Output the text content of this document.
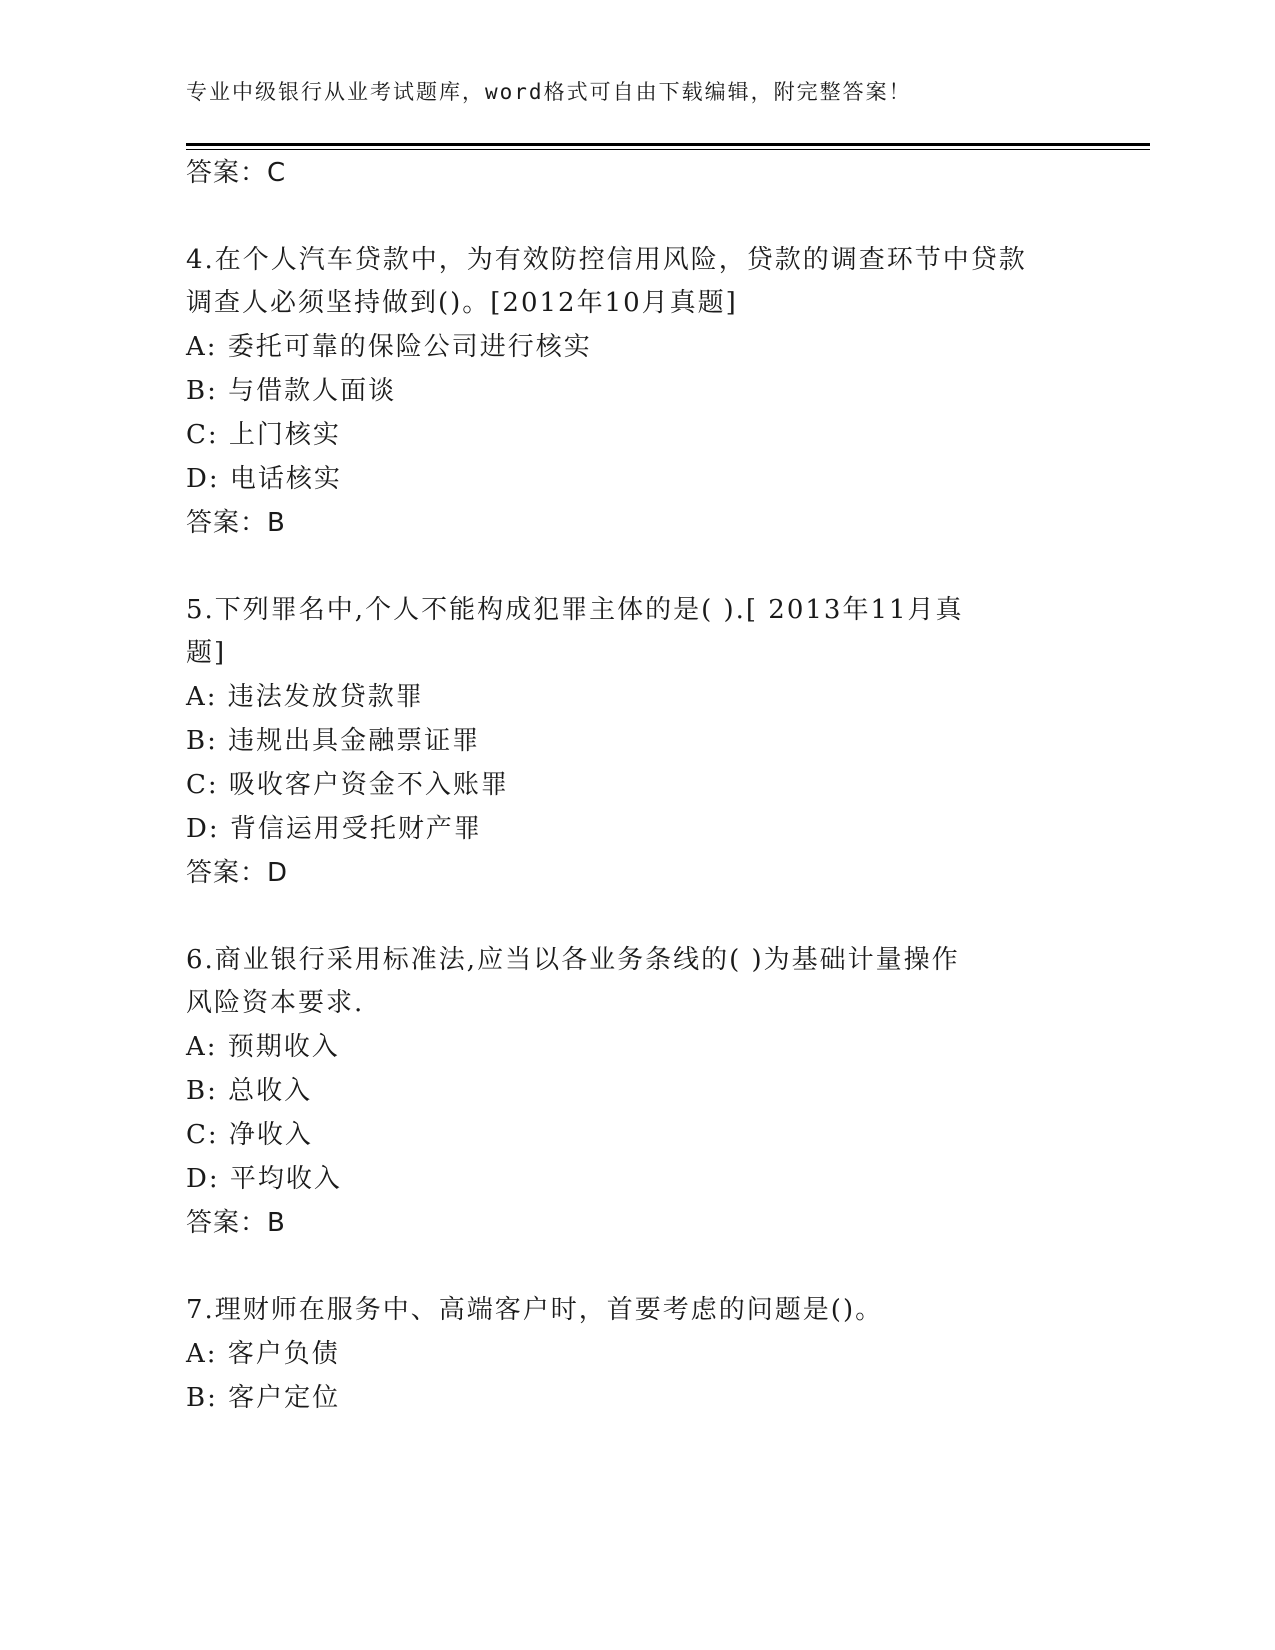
专业中级银行从业考试题库，word格式可自由下载编辑，附完整答案！
答案：C
4.在个人汽车贷款中，为有效防控信用风险，贷款的调查环节中贷款
调查人必须坚持做到()。[2012年10月真题]
A: 委托可靠的保险公司进行核实
B: 与借款人面谈
C: 上门核实
D: 电话核实
答案：B
5.下列罪名中,个人不能构成犯罪主体的是( ).[ 2013年11月真
题]
A: 违法发放贷款罪
B: 违规出具金融票证罪
C: 吸收客户资金不入账罪
D: 背信运用受托财产罪
答案：D
6.商业银行采用标准法,应当以各业务条线的( )为基础计量操作
风险资本要求.
A: 预期收入
B: 总收入
C: 净收入
D: 平均收入
答案：B
7.理财师在服务中、高端客户时，首要考虑的问题是()。
A: 客户负债
B: 客户定位
